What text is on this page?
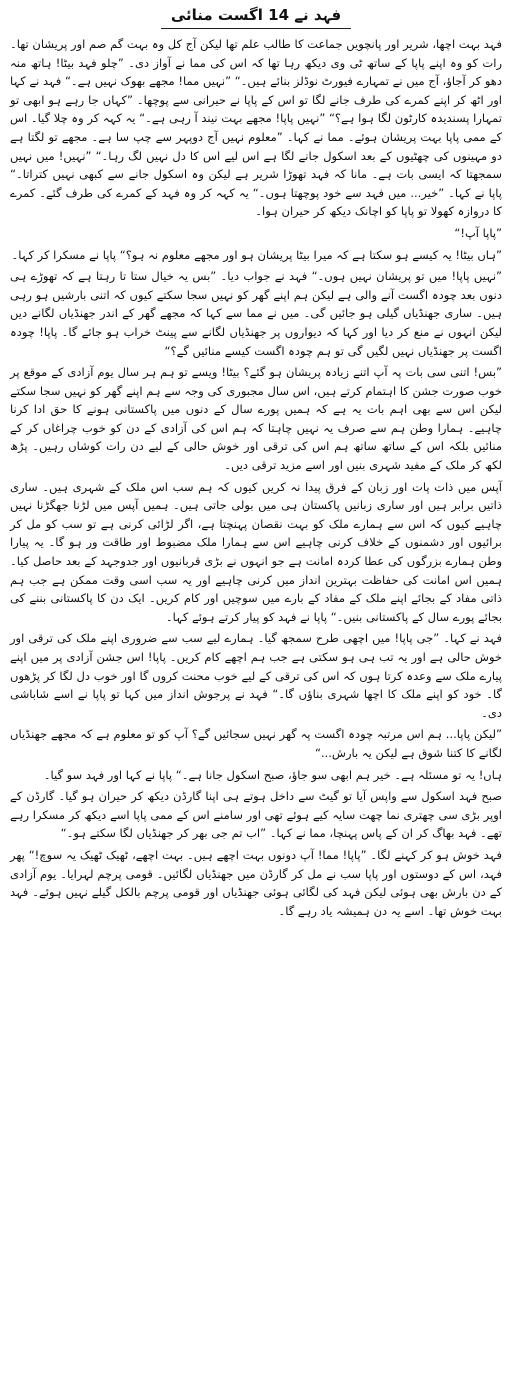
فہد نے 14 اگست منائی

فہد بہت اچھا، شریر اور پانچویں جماعت کا طالب علم تھا لیکن آج کل وہ بہت گم صم اور پریشان تھا۔ رات کو وہ اپنے پاپا کے ساتھ ٹی وی دیکھ رہا تھا کہ اس کی مما نے آواز دی۔ ”چلو فہد بیٹا! ہاتھ منہ دھو کر آجاؤ، آج میں نے تمہارے فیورٹ نوڈلز بنائے ہیں۔“ ”نہیں مما! مجھے بھوک نہیں ہے۔“ فہد نے کہا اور اٹھ کر اپنے کمرے کی طرف جانے لگا تو اس کے پاپا نے حیرانی سے پوچھا۔ ”کہاں جا رہے ہو ابھی تو تمہارا پسندیدہ کارٹون لگا ہوا ہے؟“ ”نہیں پاپا! مجھے بہت نیند آ رہی ہے۔“ یہ کہہ کر وہ چلا گیا۔ اس کے ممی پاپا بہت پریشان ہوئے۔ مما نے کہا۔ ”معلوم نہیں آج دوپہر سے چپ سا ہے۔ مجھے تو لگتا ہے دو مہینوں کی چھٹیوں کے بعد اسکول جانے لگا ہے اس لیے اس کا دل نہیں لگ رہا۔“ ”نہیں! میں نہیں سمجھتا کہ ایسی بات ہے۔ مانا کہ فہد تھوڑا شریر ہے لیکن وہ اسکول جانے سے کبھی نہیں کتراتا۔“ پاپا نے کہا۔ ”خیر... میں فہد سے خود پوچھتا ہوں۔“ یہ کہہ کر وہ فہد کے کمرے کی طرف گئے۔ کمرے کا دروازہ کھولا تو پاپا کو اچانک دیکھ کر حیران ہوا۔

”پاپا آپ!“

”ہاں بیٹا! یہ کیسے ہو سکتا ہے کہ میرا بیٹا پریشان ہو اور مجھے معلوم نہ ہو؟“ پاپا نے مسکرا کر کہا۔

”نہیں پاپا! میں تو پریشان نہیں ہوں۔“ فہد نے جواب دیا۔ ”بس یہ خیال ستا تا رہتا ہے کہ تھوڑے ہی دنوں بعد چودہ اگست آنے والی ہے لیکن ہم اپنے گھر کو نہیں سجا سکتے کیوں کہ اتنی بارشیں ہو رہی ہیں۔ ساری جھنڈیاں گیلی ہو جائیں گی۔ میں نے مما سے کہا کہ مجھے گھر کے اندر جھنڈیاں لگانے دیں لیکن انہوں نے منع کر دیا اور کہا کہ دیواروں پر جھنڈیاں لگانے سے پینٹ خراب ہو جائے گا۔ پاپا! چودہ اگست پر جھنڈیاں نہیں لگیں گی تو ہم چودہ اگست کیسے منائیں گے؟“

”بس! اتنی سی بات پہ آپ اتنے زیادہ پریشان ہو گئے؟ بیٹا! ویسے تو ہم ہر سال یوم آزادی کے موقع پر خوب صورت جشن کا اہتمام کرتے ہیں، اس سال مجبوری کی وجہ سے ہم اپنے گھر کو نہیں سجا سکتے لیکن اس سے بھی اہم بات یہ ہے کہ ہمیں پورے سال کے دنوں میں پاکستانی ہونے کا حق ادا کرنا چاہیے۔ ہمارا وطن ہم سے صرف یہ نہیں چاہتا کہ ہم اس کی آزادی کے دن کو خوب چراغاں کر کے منائیں بلکہ اس کے ساتھ ساتھ ہم اس کی ترقی اور خوش حالی کے لیے دن رات کوشاں رہیں۔ پڑھ لکھ کر ملک کے مفید شہری بنیں اور اسے مزید ترقی دیں۔

آپس میں ذات پات اور زبان کے فرق پیدا نہ کریں کیوں کہ ہم سب اس ملک کے شہری ہیں۔ ساری ذاتیں برابر ہیں اور ساری زبانیں پاکستان ہی میں بولی جاتی ہیں۔ ہمیں آپس میں لڑنا جھگڑنا نہیں چاہیے کیوں کہ اس سے ہمارے ملک کو بہت نقصان پہنچتا ہے، اگر لڑائی کرنی ہے تو سب کو مل کر برائیوں اور دشمنوں کے خلاف کرنی چاہیے اس سے ہمارا ملک مضبوط اور طاقت ور ہو گا۔ یہ پیارا وطن ہمارے بزرگوں کی عطا کردہ امانت ہے جو انہوں نے بڑی قربانیوں اور جدوجہد کے بعد حاصل کیا۔ ہمیں اس امانت کی حفاظت بہترین انداز میں کرنی چاہیے اور یہ سب اسی وقت ممکن ہے جب ہم ذاتی مفاد کے بجائے اپنے ملک کے مفاد کے بارے میں سوچیں اور کام کریں۔ ایک دن کا پاکستانی بننے کی بجائے پورے سال کے پاکستانی بنیں۔“ پاپا نے فہد کو پیار کرتے ہوئے کہا۔

فہد نے کہا۔ ”جی پاپا! میں اچھی طرح سمجھ گیا۔ ہمارے لیے سب سے ضروری اپنے ملک کی ترقی اور خوش حالی ہے اور یہ تب ہی ہو سکتی ہے جب ہم اچھے کام کریں۔ پاپا! اس جشن آزادی پر میں اپنے پیارے ملک سے وعدہ کرتا ہوں کہ اس کی ترقی کے لیے خوب محنت کروں گا اور خوب دل لگا کر پڑھوں گا۔ خود کو اپنے ملک کا اچھا شہری بناؤں گا۔“ فہد نے پرجوش انداز میں کہا تو پاپا نے اسے شاباشی دی۔

”لیکن پاپا... ہم اس مرتبہ چودہ اگست پہ گھر نہیں سجائیں گے؟ آپ کو تو معلوم ہے کہ مجھے جھنڈیاں لگانے کا کتنا شوق ہے لیکن یہ بارش...“

ہاں! یہ تو مسئلہ ہے۔ خیر ہم ابھی سو جاؤ، صبح اسکول جانا ہے۔“ پاپا نے کہا اور فہد سو گیا۔

صبح فہد اسکول سے واپس آیا تو گیٹ سے داخل ہوتے ہی اپنا گارڈن دیکھ کر حیران ہو گیا۔ گارڈن کے اوپر بڑی سی چھتری نما چھت سایہ کیے ہوئے تھی اور سامنے اس کے ممی پاپا اسے دیکھ کر مسکرا رہے تھے۔ فہد بھاگ کر ان کے پاس پہنچا، مما نے کہا۔ ”اب تم جی بھر کر جھنڈیاں لگا سکتے ہو۔“

فہد خوش ہو کر کہنے لگا۔ ”پاپا! مما! آپ دونوں بہت اچھے ہیں۔ بہت اچھے، ٹھیک ٹھیک یہ سوچ!“ پھر فہد، اس کے دوستوں اور پاپا سب نے مل کر گارڈن میں جھنڈیاں لگائیں۔ قومی پرچم لہرایا۔ یوم آزادی کے دن بارش بھی ہوئی لیکن فہد کی لگائی ہوئی جھنڈیاں اور قومی پرچم بالکل گیلے نہیں ہوئے۔ فہد بہت خوش تھا۔ اسے یہ دن ہمیشہ یاد رہے گا۔
